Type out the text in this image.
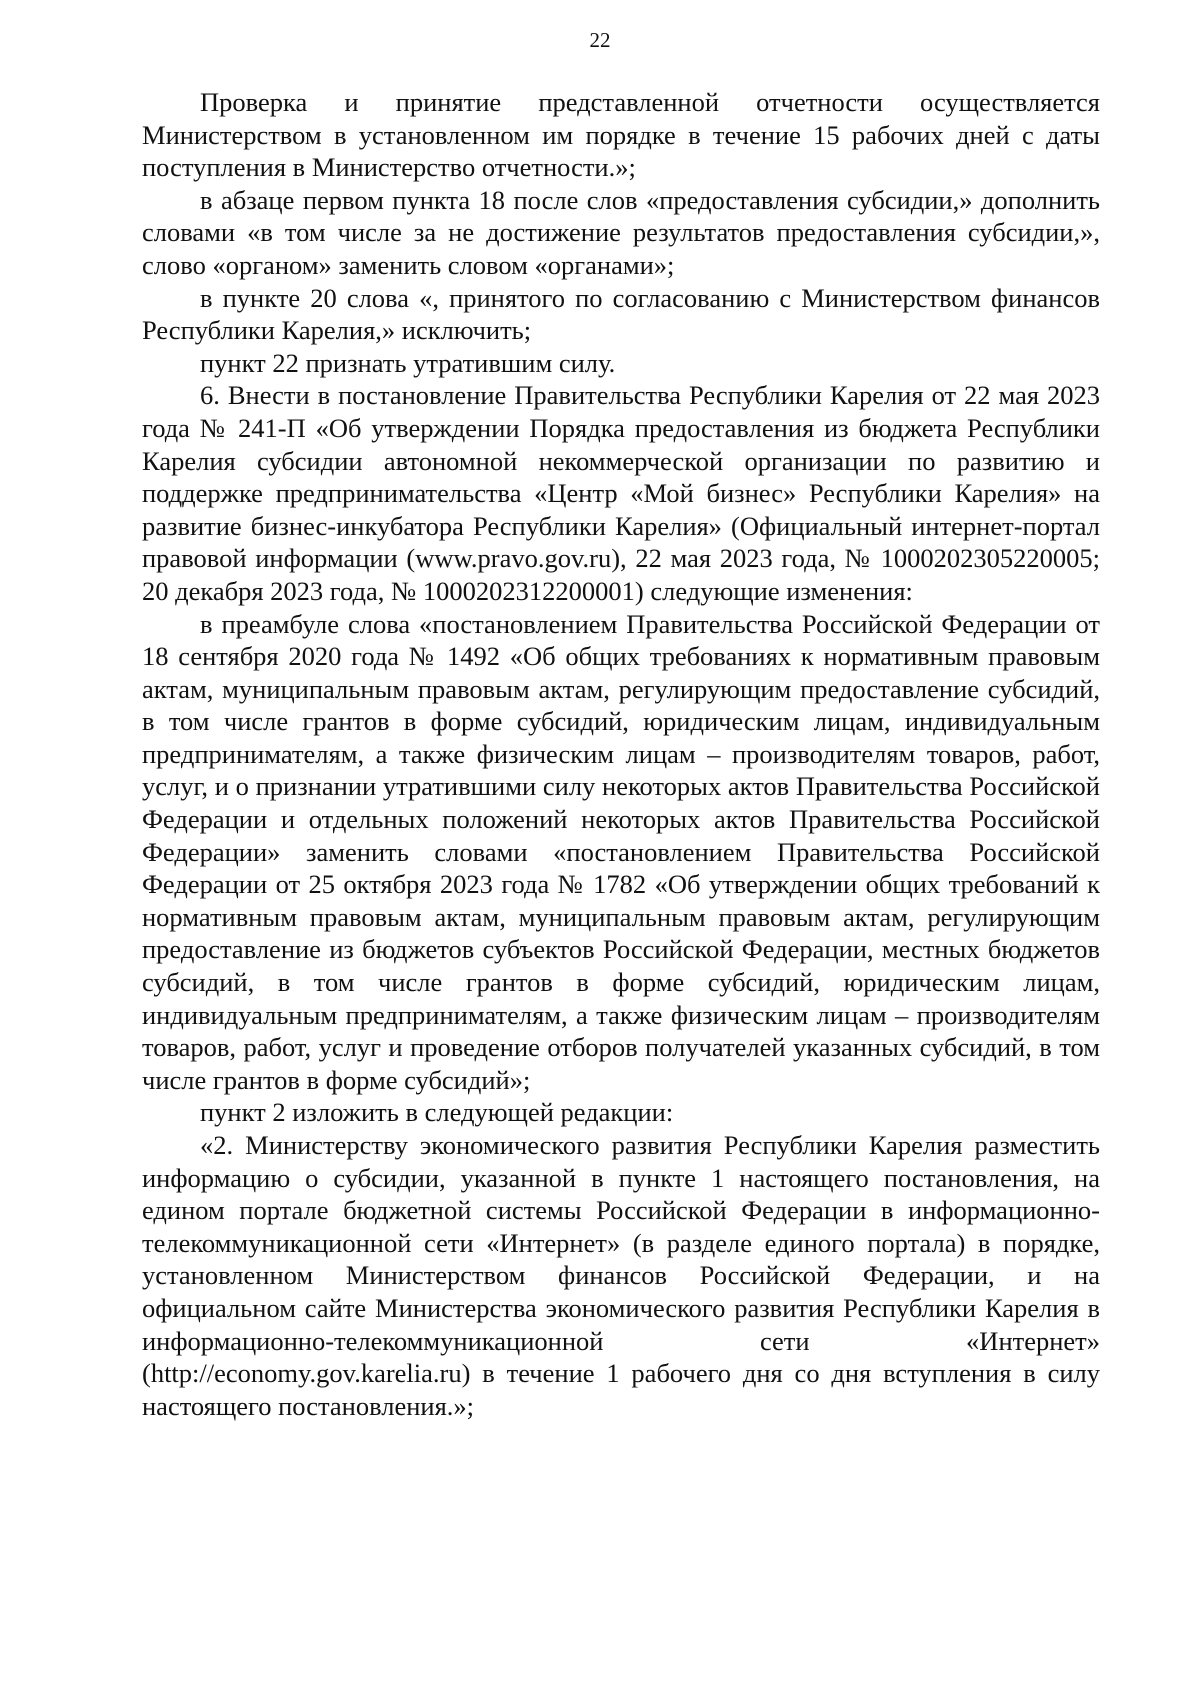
22

Проверка и принятие представленной отчетности осуществляется Министерством в установленном им порядке в течение 15 рабочих дней с даты поступления в Министерство отчетности.»;

в абзаце первом пункта 18 после слов «предоставления субсидии,» дополнить словами «в том числе за не достижение результатов предоставления субсидии,», слово «органом» заменить словом «органами»;

в пункте 20 слова «, принятого по согласованию с Министерством финансов Республики Карелия,» исключить;

пункт 22 признать утратившим силу.

6. Внести в постановление Правительства Республики Карелия от 22 мая 2023 года № 241-П «Об утверждении Порядка предоставления из бюджета Республики Карелия субсидии автономной некоммерческой организации по развитию и поддержке предпринимательства «Центр «Мой бизнес» Республики Карелия» на развитие бизнес-инкубатора Республики Карелия» (Официальный интернет-портал правовой информации (www.pravo.gov.ru), 22 мая 2023 года, № 1000202305220005; 20 декабря 2023 года, № 1000202312200001) следующие изменения:

в преамбуле слова «постановлением Правительства Российской Федерации от 18 сентября 2020 года № 1492 «Об общих требованиях к нормативным правовым актам, муниципальным правовым актам, регулирующим предоставление субсидий, в том числе грантов в форме субсидий, юридическим лицам, индивидуальным предпринимателям, а также физическим лицам – производителям товаров, работ, услуг, и о признании утратившими силу некоторых актов Правительства Российской Федерации и отдельных положений некоторых актов Правительства Российской Федерации» заменить словами «постановлением Правительства Российской Федерации от 25 октября 2023 года № 1782 «Об утверждении общих требований к нормативным правовым актам, муниципальным правовым актам, регулирующим предоставление из бюджетов субъектов Российской Федерации, местных бюджетов субсидий, в том числе грантов в форме субсидий, юридическим лицам, индивидуальным предпринимателям, а также физическим лицам – производителям товаров, работ, услуг и проведение отборов получателей указанных субсидий, в том числе грантов в форме субсидий»;

пункт 2 изложить в следующей редакции:

«2. Министерству экономического развития Республики Карелия разместить информацию о субсидии, указанной в пункте 1 настоящего постановления, на едином портале бюджетной системы Российской Федерации в информационно-телекоммуникационной сети «Интернет» (в разделе единого портала) в порядке, установленном Министерством финансов Российской Федерации, и на официальном сайте Министерства экономического развития Республики Карелия в информационно-телекоммуникационной сети «Интернет» (http://economy.gov.karelia.ru) в течение 1 рабочего дня со дня вступления в силу настоящего постановления.»;
